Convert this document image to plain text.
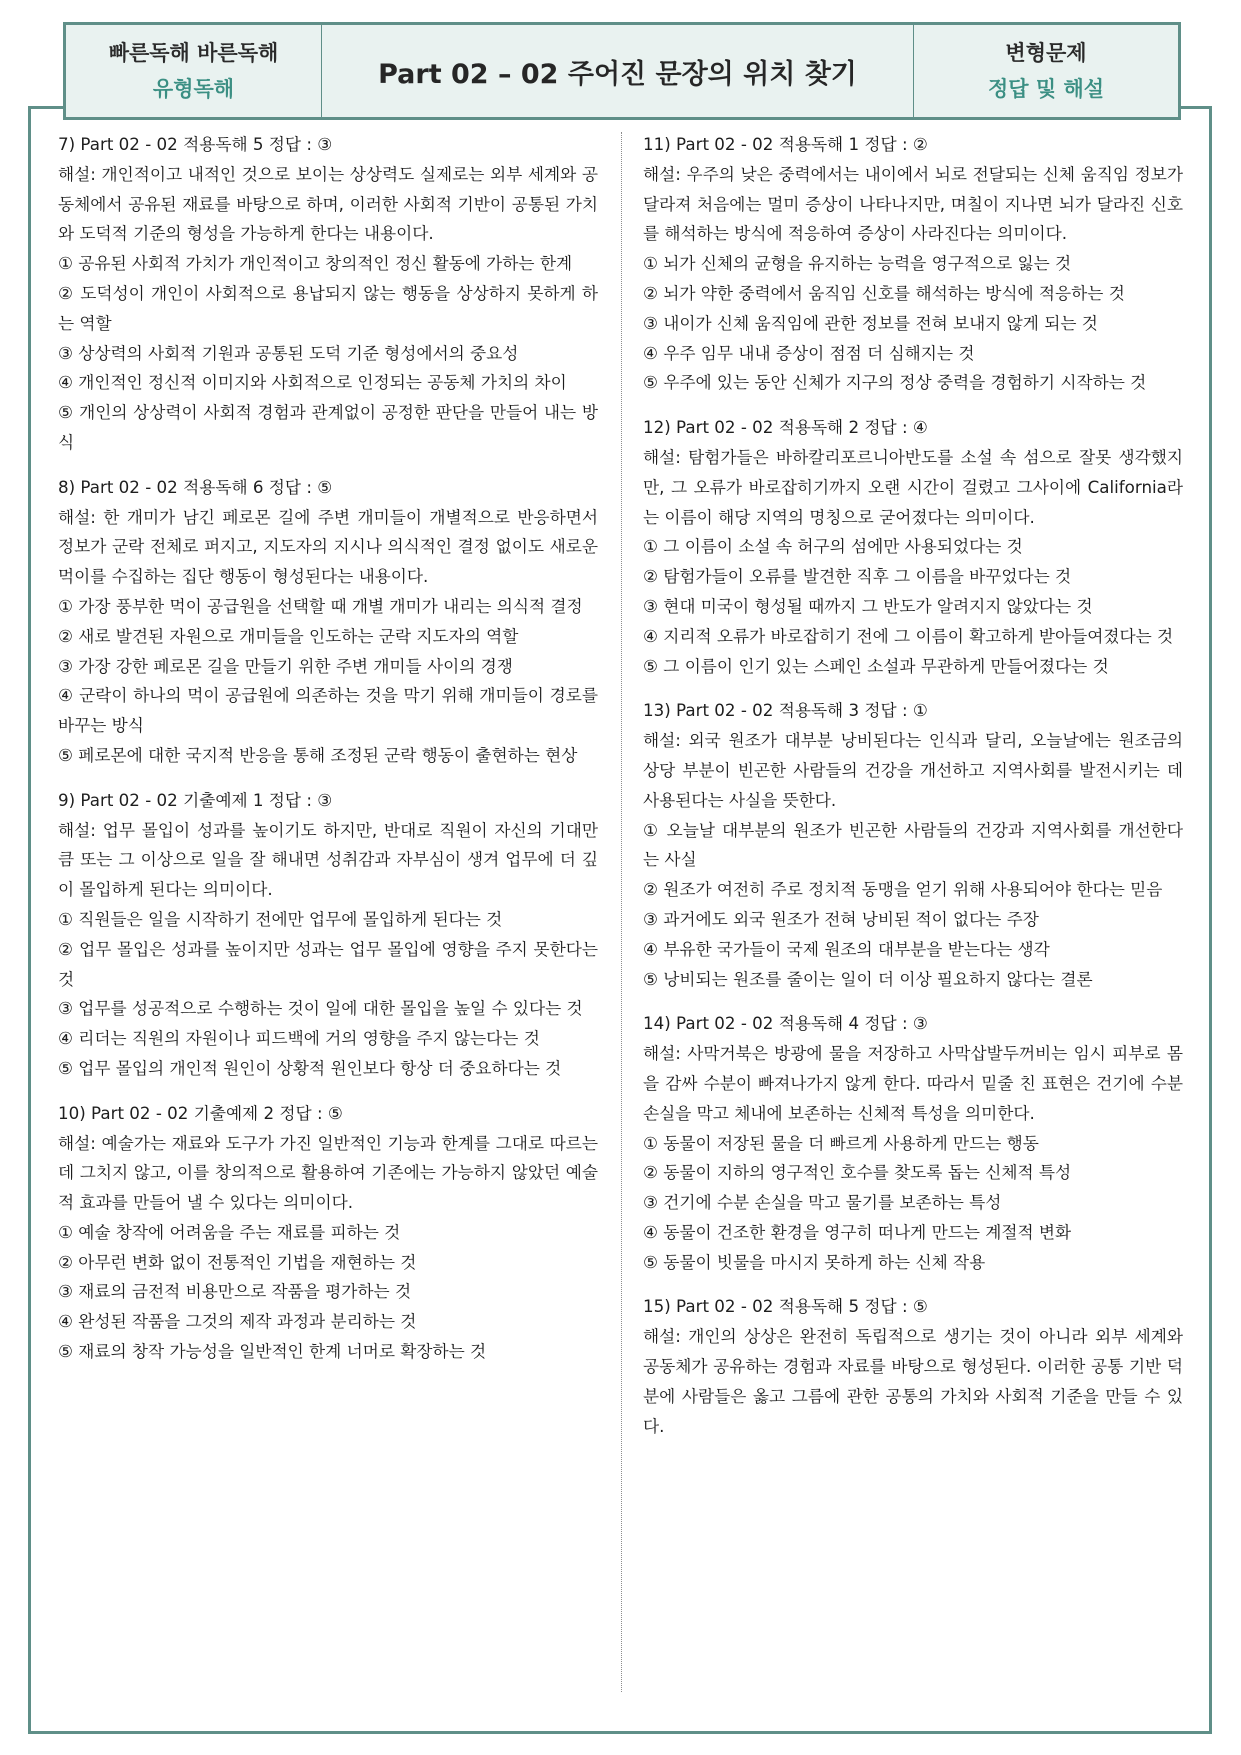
빠른독해 바른독해
유형독해	Part 02 – 02 주어진 문장의 위치 찾기
변형문제
정답 및 해설

7) Part 02 - 02 적용독해 5 정답 : ③

해설: 개인적이고 내적인 것으로 보이는 상상력도 실제로는 외부 세계와 공동체에서 공유된 재료를 바탕으로 하며, 이러한 사회적 기반이 공통된 가치와 도덕적 기준의 형성을 가능하게 한다는 내용이다.

① 공유된 사회적 가치가 개인적이고 창의적인 정신 활동에 가하는 한계

② 도덕성이 개인이 사회적으로 용납되지 않는 행동을 상상하지 못하게 하는 역할

③ 상상력의 사회적 기원과 공통된 도덕 기준 형성에서의 중요성

④ 개인적인 정신적 이미지와 사회적으로 인정되는 공동체 가치의 차이

⑤ 개인의 상상력이 사회적 경험과 관계없이 공정한 판단을 만들어 내는 방식

8) Part 02 - 02 적용독해 6 정답 : ⑤

해설: 한 개미가 남긴 페로몬 길에 주변 개미들이 개별적으로 반응하면서 정보가 군락 전체로 퍼지고, 지도자의 지시나 의식적인 결정 없이도 새로운 먹이를 수집하는 집단 행동이 형성된다는 내용이다.

① 가장 풍부한 먹이 공급원을 선택할 때 개별 개미가 내리는 의식적 결정

② 새로 발견된 자원으로 개미들을 인도하는 군락 지도자의 역할

③ 가장 강한 페로몬 길을 만들기 위한 주변 개미들 사이의 경쟁

④ 군락이 하나의 먹이 공급원에 의존하는 것을 막기 위해 개미들이 경로를 바꾸는 방식

⑤ 페로몬에 대한 국지적 반응을 통해 조정된 군락 행동이 출현하는 현상

9) Part 02 - 02 기출예제 1 정답 : ③

해설: 업무 몰입이 성과를 높이기도 하지만, 반대로 직원이 자신의 기대만큼 또는 그 이상으로 일을 잘 해내면 성취감과 자부심이 생겨 업무에 더 깊이 몰입하게 된다는 의미이다.

① 직원들은 일을 시작하기 전에만 업무에 몰입하게 된다는 것

② 업무 몰입은 성과를 높이지만 성과는 업무 몰입에 영향을 주지 못한다는 것

③ 업무를 성공적으로 수행하는 것이 일에 대한 몰입을 높일 수 있다는 것

④ 리더는 직원의 자원이나 피드백에 거의 영향을 주지 않는다는 것

⑤ 업무 몰입의 개인적 원인이 상황적 원인보다 항상 더 중요하다는 것

10) Part 02 - 02 기출예제 2 정답 : ⑤

해설: 예술가는 재료와 도구가 가진 일반적인 기능과 한계를 그대로 따르는 데 그치지 않고, 이를 창의적으로 활용하여 기존에는 가능하지 않았던 예술적 효과를 만들어 낼 수 있다는 의미이다.

① 예술 창작에 어려움을 주는 재료를 피하는 것

② 아무런 변화 없이 전통적인 기법을 재현하는 것

③ 재료의 금전적 비용만으로 작품을 평가하는 것

④ 완성된 작품을 그것의 제작 과정과 분리하는 것

⑤ 재료의 창작 가능성을 일반적인 한계 너머로 확장하는 것

11) Part 02 - 02 적용독해 1 정답 : ②

해설: 우주의 낮은 중력에서는 내이에서 뇌로 전달되는 신체 움직임 정보가 달라져 처음에는 멀미 증상이 나타나지만, 며칠이 지나면 뇌가 달라진 신호를 해석하는 방식에 적응하여 증상이 사라진다는 의미이다.

① 뇌가 신체의 균형을 유지하는 능력을 영구적으로 잃는 것

② 뇌가 약한 중력에서 움직임 신호를 해석하는 방식에 적응하는 것

③ 내이가 신체 움직임에 관한 정보를 전혀 보내지 않게 되는 것

④ 우주 임무 내내 증상이 점점 더 심해지는 것

⑤ 우주에 있는 동안 신체가 지구의 정상 중력을 경험하기 시작하는 것

12) Part 02 - 02 적용독해 2 정답 : ④

해설: 탐험가들은 바하칼리포르니아반도를 소설 속 섬으로 잘못 생각했지만, 그 오류가 바로잡히기까지 오랜 시간이 걸렸고 그사이에 California라는 이름이 해당 지역의 명칭으로 굳어졌다는 의미이다.

① 그 이름이 소설 속 허구의 섬에만 사용되었다는 것

② 탐험가들이 오류를 발견한 직후 그 이름을 바꾸었다는 것

③ 현대 미국이 형성될 때까지 그 반도가 알려지지 않았다는 것

④ 지리적 오류가 바로잡히기 전에 그 이름이 확고하게 받아들여졌다는 것

⑤ 그 이름이 인기 있는 스페인 소설과 무관하게 만들어졌다는 것

13) Part 02 - 02 적용독해 3 정답 : ①

해설: 외국 원조가 대부분 낭비된다는 인식과 달리, 오늘날에는 원조금의 상당 부분이 빈곤한 사람들의 건강을 개선하고 지역사회를 발전시키는 데 사용된다는 사실을 뜻한다.

① 오늘날 대부분의 원조가 빈곤한 사람들의 건강과 지역사회를 개선한다는 사실

② 원조가 여전히 주로 정치적 동맹을 얻기 위해 사용되어야 한다는 믿음

③ 과거에도 외국 원조가 전혀 낭비된 적이 없다는 주장

④ 부유한 국가들이 국제 원조의 대부분을 받는다는 생각

⑤ 낭비되는 원조를 줄이는 일이 더 이상 필요하지 않다는 결론

14) Part 02 - 02 적용독해 4 정답 : ③

해설: 사막거북은 방광에 물을 저장하고 사막삽발두꺼비는 임시 피부로 몸을 감싸 수분이 빠져나가지 않게 한다. 따라서 밑줄 친 표현은 건기에 수분 손실을 막고 체내에 보존하는 신체적 특성을 의미한다.

① 동물이 저장된 물을 더 빠르게 사용하게 만드는 행동

② 동물이 지하의 영구적인 호수를 찾도록 돕는 신체적 특성

③ 건기에 수분 손실을 막고 물기를 보존하는 특성

④ 동물이 건조한 환경을 영구히 떠나게 만드는 계절적 변화

⑤ 동물이 빗물을 마시지 못하게 하는 신체 작용

15) Part 02 - 02 적용독해 5 정답 : ⑤

해설: 개인의 상상은 완전히 독립적으로 생기는 것이 아니라 외부 세계와 공동체가 공유하는 경험과 자료를 바탕으로 형성된다. 이러한 공통 기반 덕분에 사람들은 옳고 그름에 관한 공통의 가치와 사회적 기준을 만들 수 있다.
